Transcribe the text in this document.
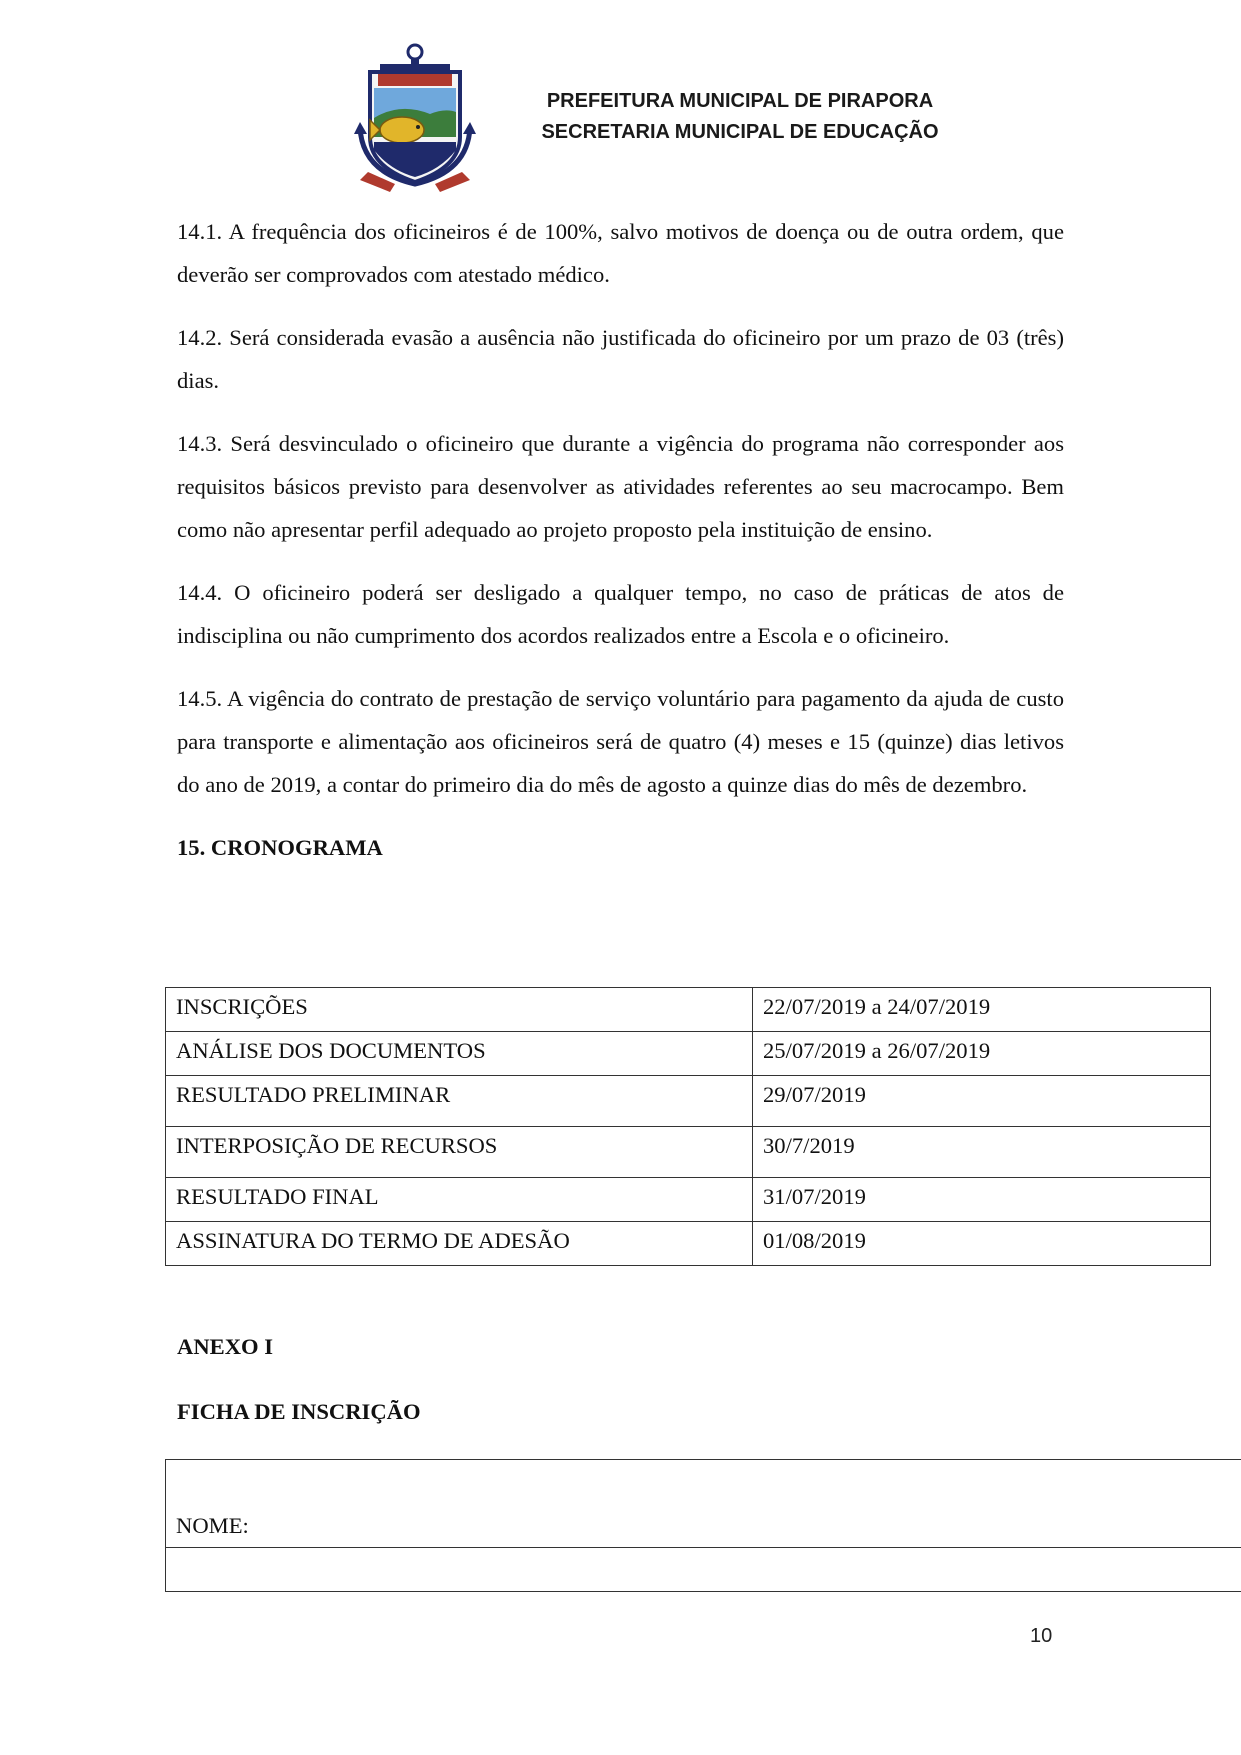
PREFEITURA MUNICIPAL DE PIRAPORA
SECRETARIA MUNICIPAL DE EDUCAÇÃO

14.1. A frequência dos oficineiros é de 100%, salvo motivos de doença ou de outra ordem, que deverão ser comprovados com atestado médico.

14.2. Será considerada evasão a ausência não justificada do oficineiro por um prazo de 03 (três) dias.

14.3. Será desvinculado o oficineiro que durante a vigência do programa não corresponder aos requisitos básicos previsto para desenvolver as atividades referentes ao seu macrocampo. Bem como não apresentar perfil adequado ao projeto proposto pela instituição de ensino.

14.4. O oficineiro poderá ser desligado a qualquer tempo, no caso de práticas de atos de indisciplina ou não cumprimento dos acordos realizados entre a Escola e o oficineiro.

14.5. A vigência do contrato de prestação de serviço voluntário para pagamento da ajuda de custo para transporte e alimentação aos oficineiros será de quatro (4) meses e 15 (quinze) dias letivos do ano de 2019, a contar do primeiro dia do mês de agosto a quinze dias do mês de dezembro.

15. CRONOGRAMA

INSCRIÇÕES	22/07/2019 a 24/07/2019
ANÁLISE DOS DOCUMENTOS	25/07/2019 a 26/07/2019
RESULTADO PRELIMINAR	29/07/2019
INTERPOSIÇÃO DE RECURSOS	30/7/2019
RESULTADO FINAL	31/07/2019
ASSINATURA DO TERMO DE ADESÃO	01/08/2019
ANEXO I
FICHA DE INSCRIÇÃO
NOME:

10
